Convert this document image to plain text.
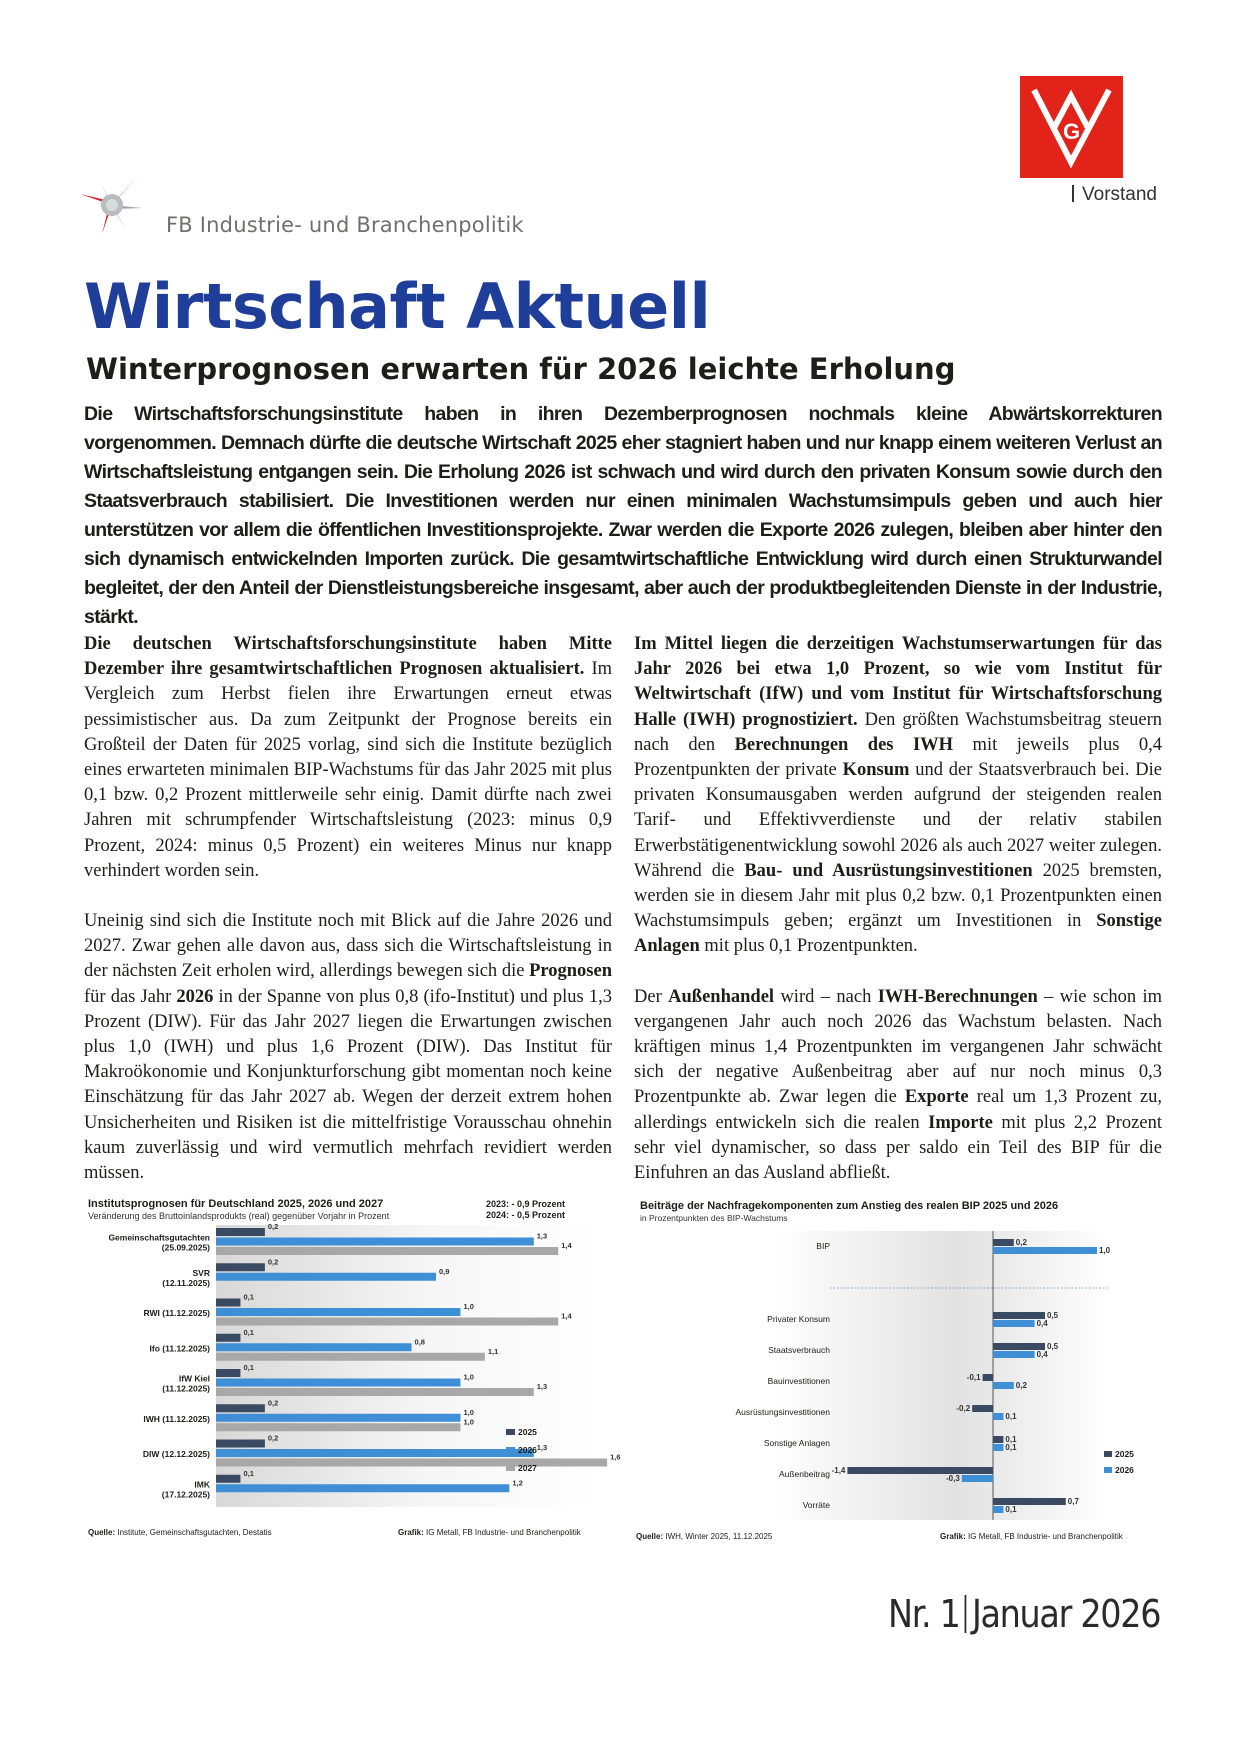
G
Vorstand
FB Industrie- und Branchenpolitik
Wirtschaft Aktuell
Winterprognosen erwarten für 2026 leichte Erholung
Die Wirtschaftsforschungsinstitute haben in ihren Dezemberprognosen nochmals kleine Abwärtskorrekturen vorgenommen. Demnach dürfte die deutsche Wirtschaft 2025 eher stagniert haben und nur knapp einem weiteren Verlust an Wirtschaftsleistung entgangen sein. Die Erholung 2026 ist schwach und wird durch den privaten Konsum sowie durch den Staatsverbrauch stabilisiert. Die Investitionen werden nur einen minimalen Wachstumsimpuls geben und auch hier unterstützen vor allem die öffentlichen Investitionsprojekte. Zwar werden die Exporte 2026 zulegen, bleiben aber hinter den sich dynamisch entwickelnden Importen zurück. Die gesamtwirtschaftliche Entwicklung wird durch einen Strukturwandel begleitet, der den Anteil der Dienstleistungsbereiche insgesamt, aber auch der produktbegleitenden Dienste in der Industrie, stärkt.

Die deutschen Wirtschaftsforschungsinstitute haben Mitte Dezember ihre gesamtwirtschaftlichen Prognosen aktualisiert. Im Vergleich zum Herbst fielen ihre Erwartungen erneut etwas pessimistischer aus. Da zum Zeitpunkt der Prognose bereits ein Großteil der Daten für 2025 vorlag, sind sich die Institute bezüglich eines erwarteten minimalen BIP-Wachstums für das Jahr 2025 mit plus 0,1 bzw. 0,2 Prozent mittlerweile sehr einig. Damit dürfte nach zwei Jahren mit schrumpfender Wirtschaftsleistung (2023: minus 0,9 Prozent, 2024: minus 0,5 Prozent) ein weiteres Minus nur knapp verhindert worden sein.

Uneinig sind sich die Institute noch mit Blick auf die Jahre 2026 und 2027. Zwar gehen alle davon aus, dass sich die Wirtschaftsleistung in der nächsten Zeit erholen wird, allerdings bewegen sich die Prognosen für das Jahr 2026 in der Spanne von plus 0,8 (ifo-Institut) und plus 1,3 Prozent (DIW). Für das Jahr 2027 liegen die Erwartungen zwischen plus 1,0 (IWH) und plus 1,6 Prozent (DIW). Das Institut für Makroökonomie und Konjunkturforschung gibt momentan noch keine Einschätzung für das Jahr 2027 ab. Wegen der derzeit extrem hohen Unsicherheiten und Risiken ist die mittelfristige Vorausschau ohnehin kaum zuverlässig und wird vermutlich mehrfach revidiert werden müssen.

Im Mittel liegen die derzeitigen Wachstumserwartungen für das Jahr 2026 bei etwa 1,0 Prozent, so wie vom Institut für Weltwirtschaft (IfW) und vom Institut für Wirtschaftsforschung Halle (IWH) prognostiziert. Den größten Wachstumsbeitrag steuern nach den Berechnungen des IWH mit jeweils plus 0,4 Prozentpunkten der private Konsum und der Staatsverbrauch bei. Die privaten Konsumausgaben werden aufgrund der steigenden realen Tarif- und Effektivverdienste und der relativ stabilen Erwerbstätigenentwicklung sowohl 2026 als auch 2027 weiter zulegen. Während die Bau- und Ausrüstungsinvestitionen 2025 bremsten, werden sie in diesem Jahr mit plus 0,2 bzw. 0,1 Prozentpunkten einen Wachstumsimpuls geben; ergänzt um Investitionen in Sonstige Anlagen mit plus 0,1 Prozentpunkten.

Der Außenhandel wird – nach IWH-Berechnungen – wie schon im vergangenen Jahr auch noch 2026 das Wachstum belasten. Nach kräftigen minus 1,4 Prozentpunkten im vergangenen Jahr schwächt sich der negative Außenbeitrag aber auf nur noch minus 0,3 Prozentpunkte ab. Zwar legen die Exporte real um 1,3 Prozent zu, allerdings entwickeln sich die realen Importe mit plus 2,2 Prozent sehr viel dynamischer, so dass per saldo ein Teil des BIP für die Einfuhren an das Ausland abfließt.

Institutsprognosen für Deutschland 2025, 2026 und 2027
Veränderung des Bruttoinlandsprodukts (real) gegenüber Vorjahr in Prozent
2023: - 0,9 Prozent
2024: - 0,5 Prozent
Gemeinschaftsgutachten
(25.09.2025)
0,2
1,3
1,4
SVR
(12.11.2025)
0,2
0,9
RWI (11.12.2025)
0,1
1,0
1,4
Ifo (11.12.2025)
0,1
0,8
1,1
IfW Kiel
(11.12.2025)
0,1
1,0
1,3
IWH (11.12.2025)
0,2
1,0
1,0
DIW (12.12.2025)
0,2
1,3
1,6
IMK
(17.12.2025)
0,1
1,2
2025
2026
2027
Quelle: Institute, Gemeinschaftsgutachten, Destatis	Grafik: IG Metall, FB Industrie- und Branchenpolitik
Beiträge der Nachfragekomponenten zum Anstieg des realen BIP 2025 und 2026
in Prozentpunkten des BIP-Wachstums
BIP	0,2
1,0
Privater Konsum	0,5
0,4
Staatsverbrauch	0,5
0,4
Bauinvestitionen	-0,1
0,2
Ausrüstungsinvestitionen	-0,2
0,1
Sonstige Anlagen	0,1
0,1
Außenbeitrag -1,4
-0,3
Vorräte	0,7
0,1
2025
2026
Quelle: IWH, Winter 2025, 11.12.2025	Grafik: IG Metall, FB Industrie- und Branchenpolitik
Nr. 1 Januar 2026
